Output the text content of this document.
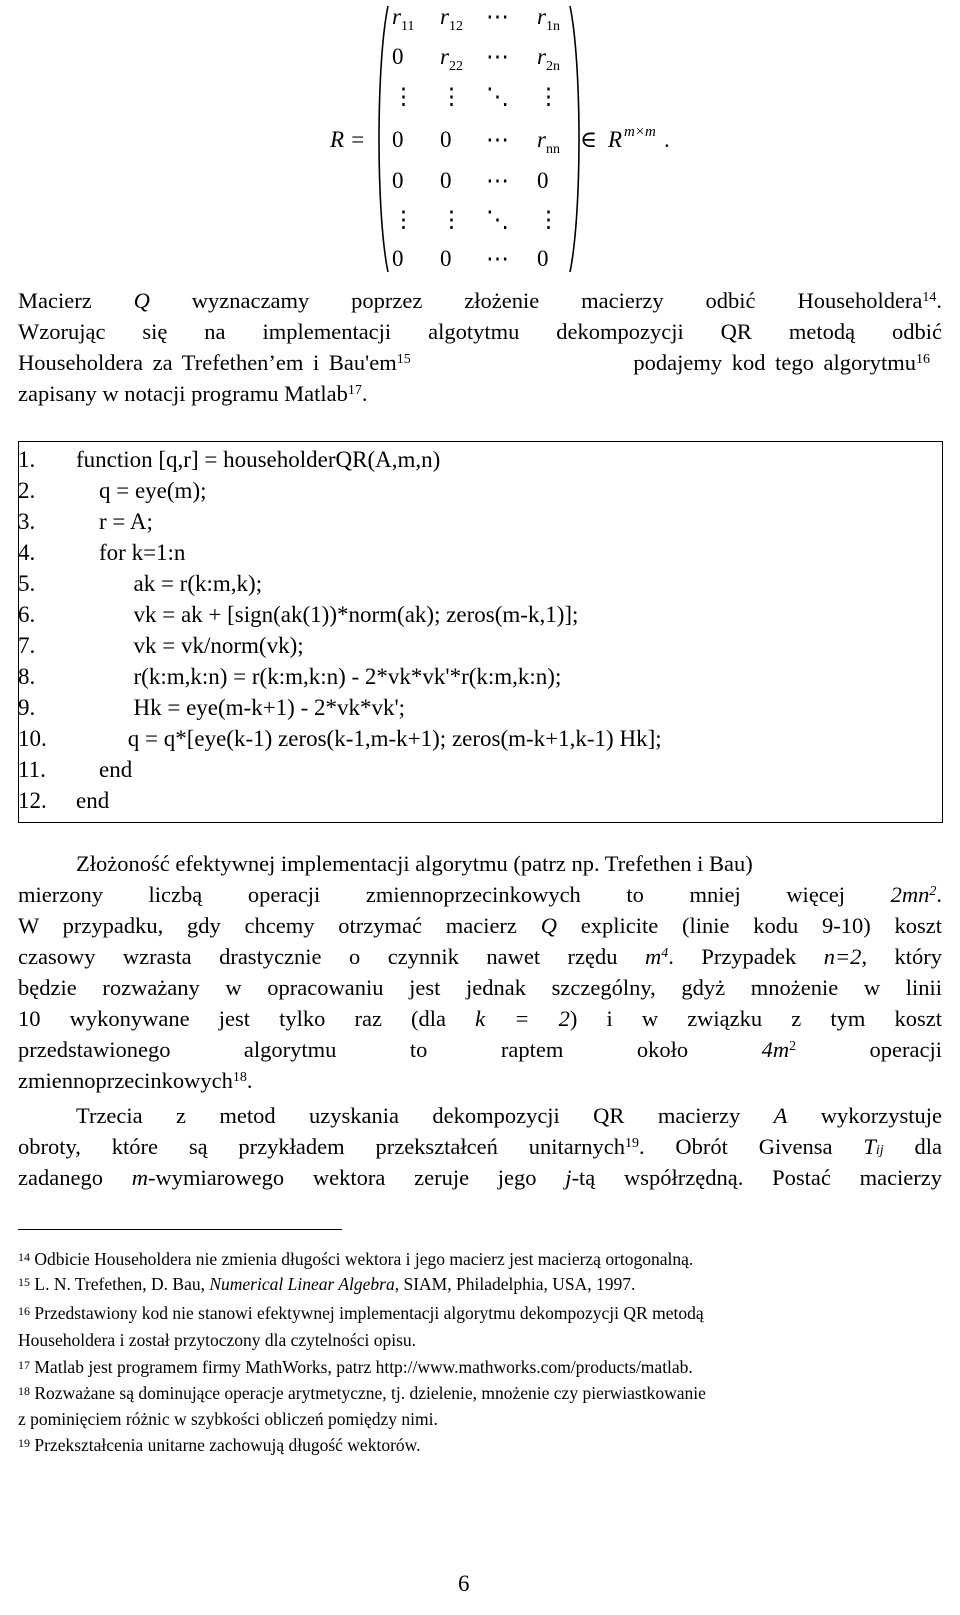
R =
$r_{11}$ $r_{12}$ ⋯ $r_{1n}$
0 $r_{22}$ ⋯ $r_{2n}$
⋮ ⋮ ⋱ ⋮
0 0 ⋯ $r_{nn}$
0 0 ⋯ 0
⋮ ⋮ ⋱ ⋮
0 0 ⋯ 0
∈ R m×m .
Macierz Q wyznaczamy poprzez złożenie macierzy odbić Householdera$^{14}$.
Wzorując się na implementacji algotytmu dekompozycji QR metodą odbić
Householdera za Trefethen’em i $Bau'em^{15}$	podajemy kod tego algorytmu$^{16}$
zapisany w notacji programu Matlab$^{17}$.
1. function [q,r] = householderQR(A,m,n)
2.    q = eye(m);
3.    r = A;
4.    for k=1:n
5.          ak = r(k:m,k);
6.          vk = ak + [sign(ak(1))*norm(ak); zeros(m-k,1)];
7.          vk = vk/norm(vk);
8.          r(k:m,k:n) = r(k:m,k:n) - 2*vk*vk'*r(k:m,k:n);
9.          Hk = eye(m-k+1) - 2*vk*vk';
10.         q = q*[eye(k-1) zeros(k-1,m-k+1); zeros(m-k+1,k-1) Hk];
11.    end
12. end
Złożoność efektywnej implementacji algorytmu (patrz np. Trefethen i Bau)
mierzony liczbą operacji zmiennoprzecinkowych to mniej więcej $2mn^2$.
W przypadku, gdy chcemy otrzymać macierz Q explicite (linie kodu 9-10) koszt
czasowy wzrasta drastycznie o czynnik nawet rzędu $m^4$. Przypadek n=2, który
będzie rozważany w opracowaniu jest jednak szczególny, gdyż mnożenie w linii
10 wykonywane jest tylko raz (dla k = 2) i w związku z tym koszt
przedstawionego algorytmu to raptem około	$4m^2$	operacji
zmiennoprzecinkowych$^{18}$.
Trzecia z metod uzyskania dekompozycji QR macierzy A wykorzystuje
obroty, które są przykładem przekształceń unitarnych$^{19}$. Obrót Givensa Tij dla
zadanego m-wymiarowego wektora zeruje jego j-tą współrzędną. Postać macierzy
$^{14}$ Odbicie Householdera nie zmienia długości wektora i jego macierz jest macierzą ortogonalną.
$^{15}$ L. N. Trefethen, D. Bau, Numerical Linear Algebra, SIAM, Philadelphia, USA, 1997.
$^{16}$ Przedstawiony kod nie stanowi efektywnej implementacji algorytmu dekompozycji QR metodą
Householdera i został przytoczony dla czytelności opisu.
$^{17}$ Matlab jest programem firmy MathWorks, patrz http://www.mathworks.com/products/matlab.
$^{18}$ Rozważane są dominujące operacje arytmetyczne, tj. dzielenie, mnożenie czy pierwiastkowanie
z pominięciem różnic w szybkości obliczeń pomiędzy nimi.
$^{19}$ Przekształcenia unitarne zachowują długość wektorów.
6
